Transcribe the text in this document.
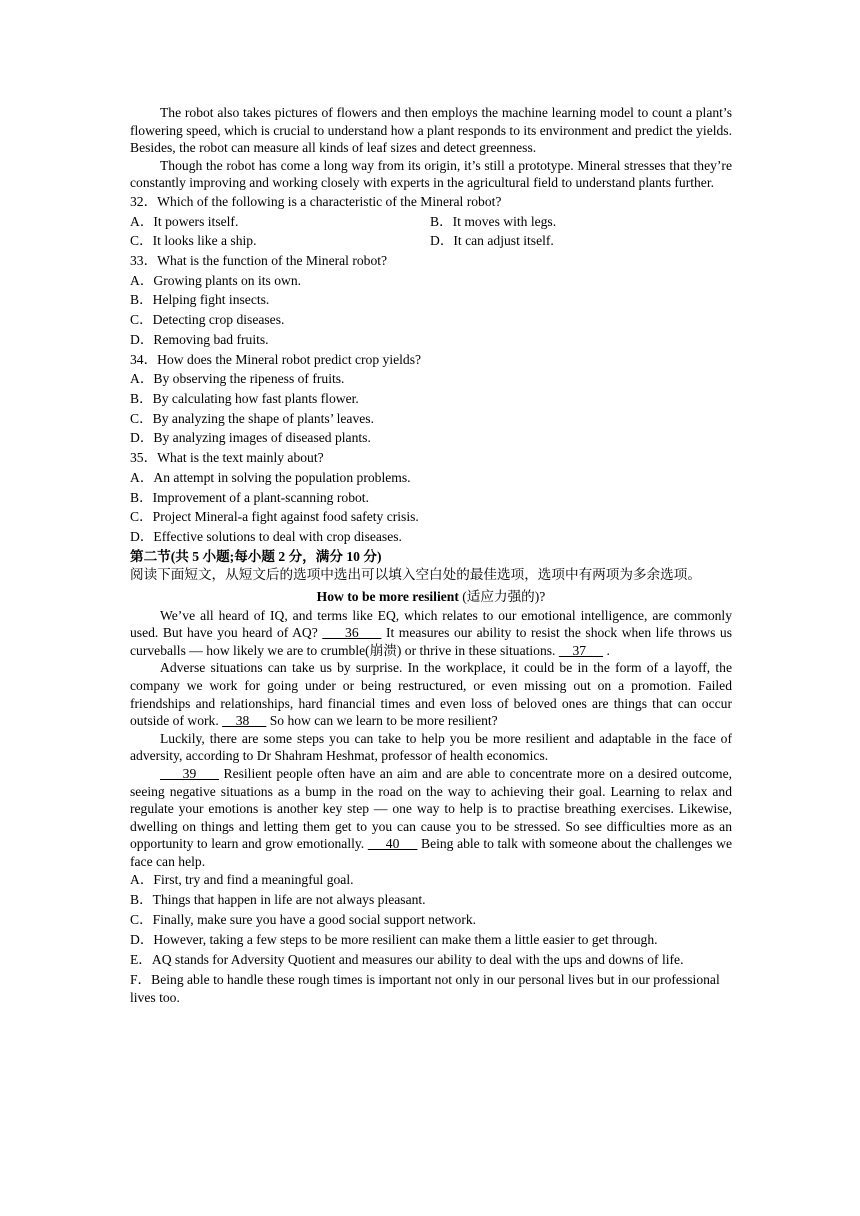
The robot also takes pictures of flowers and then employs the machine learning model to count a plant’s flowering speed, which is crucial to understand how a plant responds to its environment and predict the yields. Besides, the robot can measure all kinds of leaf sizes and detect greenness.

Though the robot has come a long way from its origin, it’s still a prototype. Mineral stresses that they’re constantly improving and working closely with experts in the agricultural field to understand plants further.

32．Which of the following is a characteristic of the Mineral robot?

A．It powers itself.	B．It moves with legs.
C．It looks like a ship.	D．It can adjust itself.

33．What is the function of the Mineral robot?

A．Growing plants on its own.

B．Helping fight insects.

C．Detecting crop diseases.

D．Removing bad fruits.

34．How does the Mineral robot predict crop yields?

A．By observing the ripeness of fruits.

B．By calculating how fast plants flower.

C．By analyzing the shape of plants’ leaves.

D．By analyzing images of diseased plants.

35．What is the text mainly about?

A．An attempt in solving the population problems.

B．Improvement of a plant-scanning robot.

C．Project Mineral-a fight against food safety crisis.

D．Effective solutions to deal with crop diseases.

第二节(共 5 小题;每小题 2 分，满分 10 分)

阅读下面短文，从短文后的选项中选出可以填入空白处的最佳选项，选项中有两项为多余选项。

How to be more resilient (适应力强的)?

We’ve all heard of IQ, and terms like EQ, which relates to our emotional intelligence, are commonly used. But have you heard of AQ?      36      It measures our ability to resist the shock when life throws us curveballs — how likely we are to crumble(崩溃) or thrive in these situations.     37      .

Adverse situations can take us by surprise. In the workplace, it could be in the form of a layoff, the company we work for going under or being restructured, or even missing out on a promotion. Failed friendships and relationships, hard financial times and even loss of beloved ones are things that can occur outside of work.     38      So how can we learn to be more resilient?

Luckily, there are some steps you can take to help you be more resilient and adaptable in the face of adversity, according to Dr Shahram Heshmat, professor of health economics.

39      Resilient people often have an aim and are able to concentrate more on a desired outcome, seeing negative situations as a bump in the road on the way to achieving their goal. Learning to relax and regulate your emotions is another key step — one way to help is to practise breathing exercises. Likewise, dwelling on things and letting them get to you can cause you to be stressed. So see difficulties more as an opportunity to learn and grow emotionally.      40      Being able to talk with someone about the challenges we face can help.

A．First, try and find a meaningful goal.

B．Things that happen in life are not always pleasant.

C．Finally, make sure you have a good social support network.

D．However, taking a few steps to be more resilient can make them a little easier to get through.

E．AQ stands for Adversity Quotient and measures our ability to deal with the ups and downs of life.

F．Being able to handle these rough times is important not only in our personal lives but in our professional lives too.
